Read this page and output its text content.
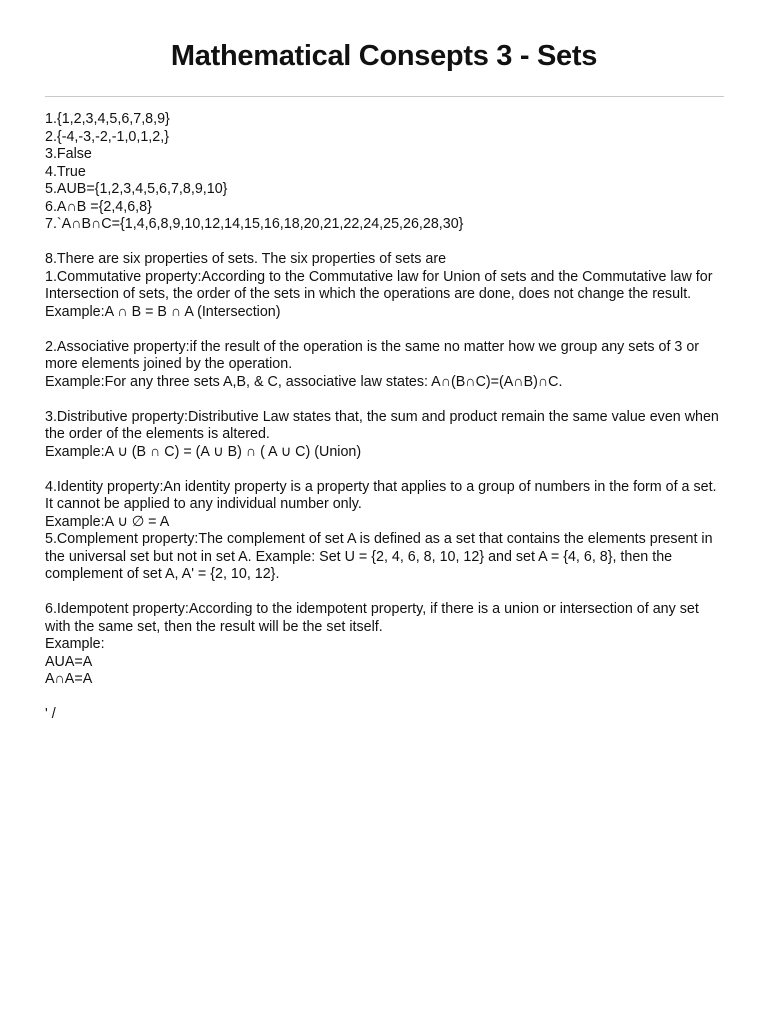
Mathematical Consepts 3 - Sets

1.{1,2,3,4,5,6,7,8,9}

2.{-4,-3,-2,-1,0,1,2,}

3.False

4.True

5.AUB={1,2,3,4,5,6,7,8,9,10}

6.A∩B ={2,4,6,8}

7.`A∩B∩C={1,4,6,8,9,10,12,14,15,16,18,20,21,22,24,25,26,28,30}

8.There are six properties of sets. The six properties of sets are

1.Commutative property:According to the Commutative law for Union of sets and the Commutative law for Intersection of sets, the order of the sets in which the operations are done, does not change the result.

Example:A ∩ B = B ∩ A (Intersection)

2.Associative property:if the result of the operation is the same no matter how we group any sets of 3 or more elements joined by the operation.

Example:For any three sets A,B, & C, associative law states: A∩(B∩C)=(A∩B)∩C.

3.Distributive property:Distributive Law states that, the sum and product remain the same value even when the order of the elements is altered.

Example:A ∪ (B ∩ C) = (A ∪ B) ∩ ( A ∪ C) (Union)

4.Identity property:An identity property is a property that applies to a group of numbers in the form of a set. It cannot be applied to any individual number only.

Example:A ∪ ∅ = A

5.Complement property:The complement of set A is defined as a set that contains the elements present in the universal set but not in set A. Example: Set U = {2, 4, 6, 8, 10, 12} and set A = {4, 6, 8}, then the complement of set A, A' = {2, 10, 12}.

6.Idempotent property:According to the idempotent property, if there is a union or intersection of any set with the same set, then the result will be the set itself.

Example:

AUA=A

A∩A=A

' /
